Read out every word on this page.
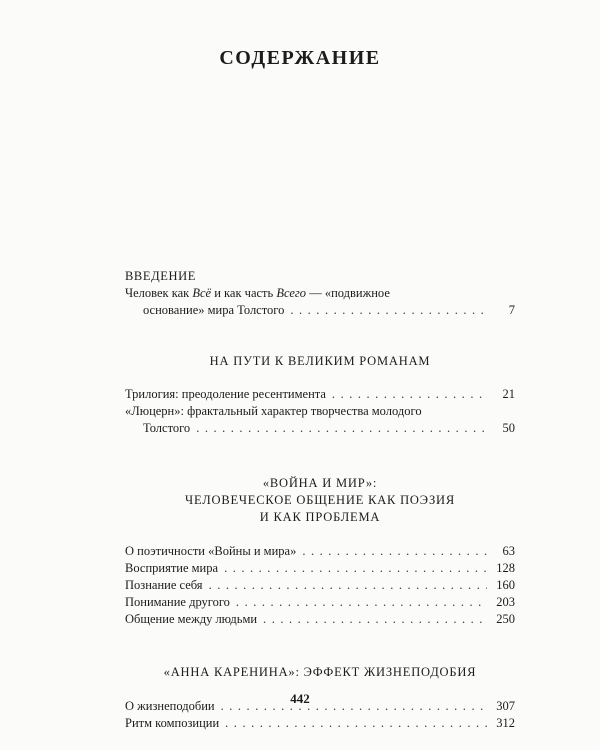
СОДЕРЖАНИЕ
ВВЕДЕНИЕ
Человек как Всё и как часть Всего — «подвижное
основание» мира Толстого . . .	7
НА ПУТИ К ВЕЛИКИМ РОМАНАМ
Трилогия: преодоление ресентимента . . .	21
«Люцерн»: фрактальный характер творчества молодого
Толстого . . .	50
«ВОЙНА И МИР»:
ЧЕЛОВЕЧЕСКОЕ ОБЩЕНИЕ КАК ПОЭЗИЯ
И КАК ПРОБЛЕМА
О поэтичности «Войны и мира» . . .	63
Восприятие мира . . .	128
Познание себя . . .	160
Понимание другого . . .	203
Общение между людьми . . .	250
«АННА КАРЕНИНА»: ЭФФЕКТ ЖИЗНЕПОДОБИЯ
О жизнеподобии . . .	307
Ритм композиции . . .	312
442
